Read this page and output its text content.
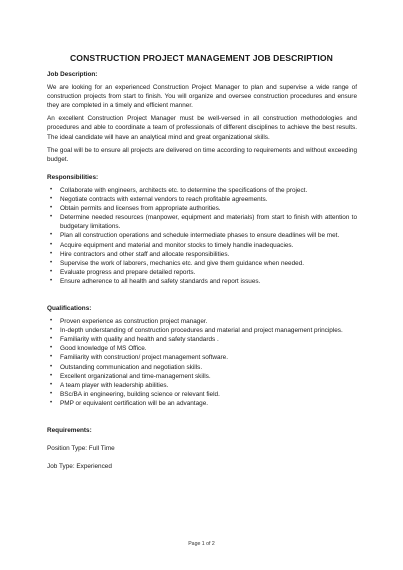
CONSTRUCTION PROJECT MANAGEMENT JOB DESCRIPTION
Job Description:

We are looking for an experienced Construction Project Manager to plan and supervise a wide range of construction projects from start to finish. You will organize and oversee construction procedures and ensure they are completed in a timely and efficient manner.

An excellent Construction Project Manager must be well-versed in all construction methodologies and procedures and able to coordinate a team of professionals of different disciplines to achieve the best results. The ideal candidate will have an analytical mind and great organizational skills.

The goal will be to ensure all projects are delivered on time according to requirements and without exceeding budget.

Responsibilities:
• Collaborate with engineers, architects etc. to determine the specifications of the project.
• Negotiate contracts with external vendors to reach profitable agreements.
• Obtain permits and licenses from appropriate authorities.
• Determine needed resources (manpower, equipment and materials) from start to finish with attention to budgetary limitations.
• Plan all construction operations and schedule intermediate phases to ensure deadlines will be met.
• Acquire equipment and material and monitor stocks to timely handle inadequacies.
• Hire contractors and other staff and allocate responsibilities.
• Supervise the work of laborers, mechanics etc. and give them guidance when needed.
• Evaluate progress and prepare detailed reports.
• Ensure adherence to all health and safety standards and report issues.
Qualifications:
• Proven experience as construction project manager.
• In-depth understanding of construction procedures and material and project management principles.
• Familiarity with quality and health and safety standards .
• Good knowledge of MS Office.
• Familiarity with construction/ project management software.
• Outstanding communication and negotiation skills.
• Excellent organizational and time-management skills.
• A team player with leadership abilities.
• BSc/BA in engineering, building science or relevant field.
• PMP or equivalent certification will be an advantage.
Requirements:

Position Type: Full Time

Job Type: Experienced

Page 1 of 2
